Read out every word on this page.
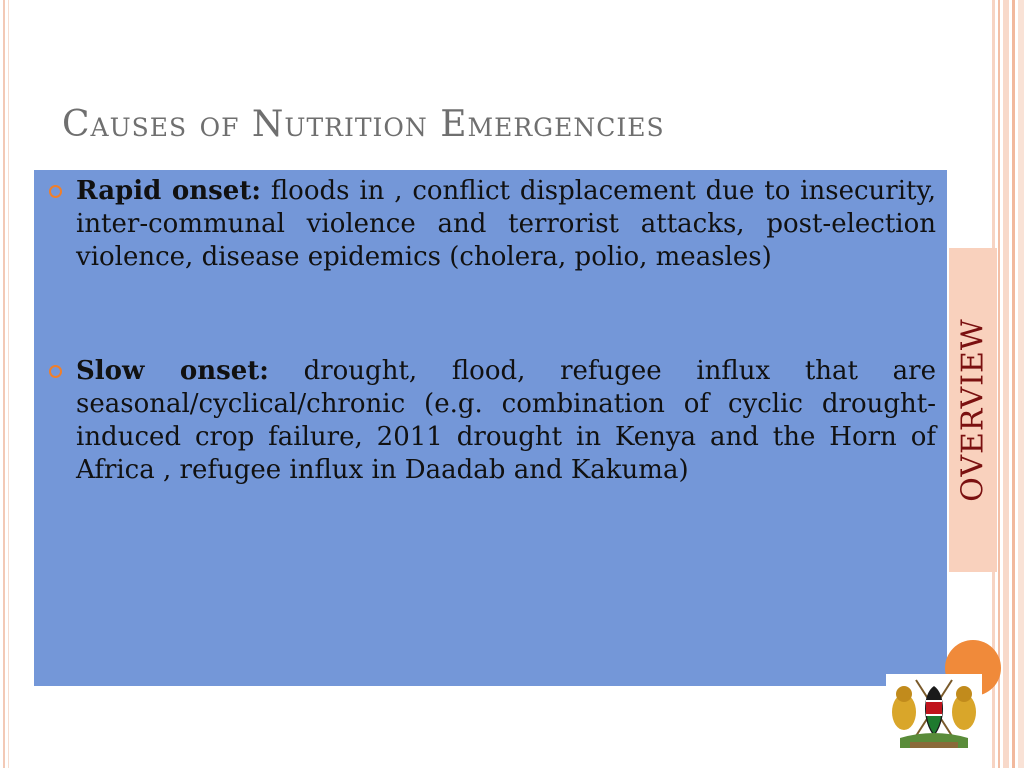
Causes of Nutrition Emergencies

Rapid onset: floods in , conflict displacement due to insecurity, inter-communal violence and terrorist attacks, post-election violence, disease epidemics (cholera, polio, measles)

Slow onset: drought, flood, refugee influx that are seasonal/cyclical/chronic (e.g. combination of cyclic drought-induced crop failure, 2011 drought in Kenya and the Horn of Africa , refugee influx in Daadab and Kakuma)	OVERVIEW
